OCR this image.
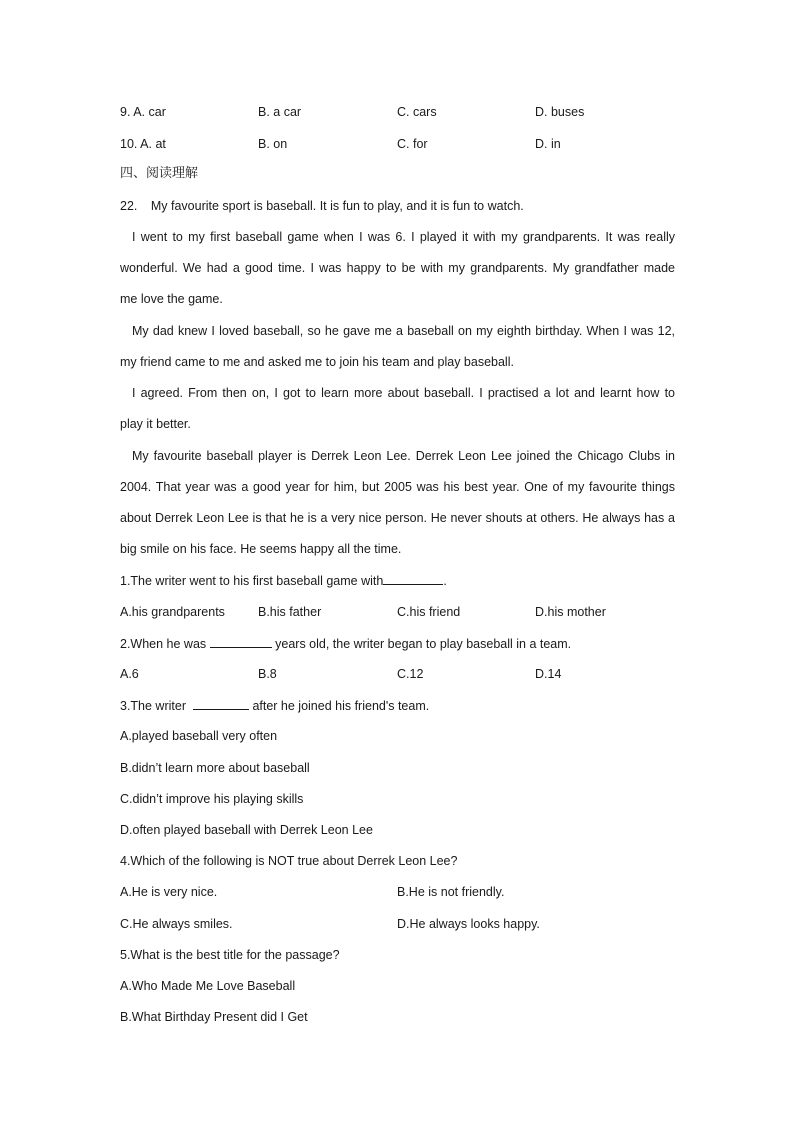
9. A. car	B. a car	C. cars	D. buses
10. A. at	B. on	C. for	D. in
四、阅读理解
22. My favourite sport is baseball. It is fun to play, and it is fun to watch.
I went to my first baseball game when I was 6. I played it with my grandparents. It was really
wonderful. We had a good time. I was happy to be with my grandparents. My grandfather made
me love the game.
My dad knew I loved baseball, so he gave me a baseball on my eighth birthday. When I was 12,
my friend came to me and asked me to join his team and play baseball.
I agreed. From then on, I got to learn more about baseball. I practised a lot and learnt how to
play it better.
My favourite baseball player is Derrek Leon Lee. Derrek Leon Lee joined the Chicago Clubs in
2004. That year was a good year for him, but 2005 was his best year. One of my favourite things
about Derrek Leon Lee is that he is a very nice person. He never shouts at others. He always has a
big smile on his face. He seems happy all the time.
1.The writer went to his first baseball game with	.
A.his grandparents	B.his father	C.his friend	D.his mother
2.When he was	years old, the writer began to play baseball in a team.
A.6	B.8	C.12	D.14
3.The writer	after he joined his friend's team.
A.played baseball very often
B.didn’t learn more about baseball
C.didn’t improve his playing skills
D.often played baseball with Derrek Leon Lee
4.Which of the following is NOT true about Derrek Leon Lee?
A.He is very nice.	B.He is not friendly.
C.He always smiles.	D.He always looks happy.
5.What is the best title for the passage?
A.Who Made Me Love Baseball
B.What Birthday Present did I Get
